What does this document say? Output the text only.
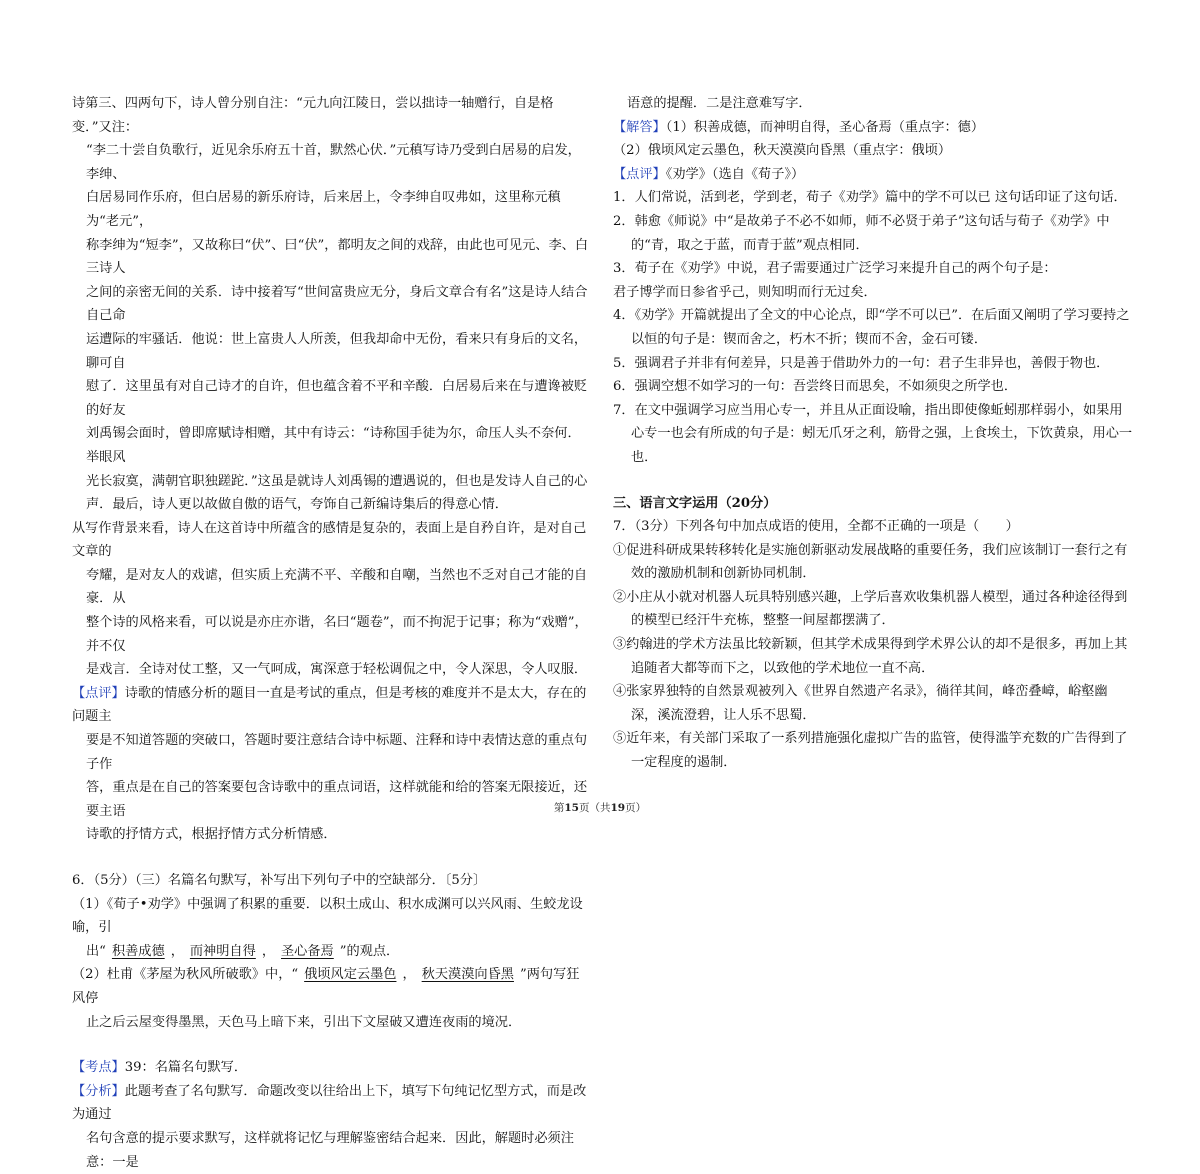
诗第三、四两句下，诗人曾分别自注：“元九向江陵日，尝以拙诗一轴赠行，自是格变．”又注：

“李二十尝自负歌行，近见余乐府五十首，默然心伏．”元稹写诗乃受到白居易的启发，李绅、

白居易同作乐府，但白居易的新乐府诗，后来居上，令李绅自叹弗如，这里称元稹为“老元”，

称李绅为“短李”，又故称曰“伏”、曰“伏”，都明友之间的戏辞，由此也可见元、李、白三诗人

之间的亲密无间的关系．诗中接着写“世间富贵应无分，身后文章合有名”这是诗人结合自己命

运遭际的牢骚话．他说：世上富贵人人所羡，但我却命中无份，看来只有身后的文名，聊可自

慰了．这里虽有对自己诗才的自许，但也蕴含着不平和辛酸．白居易后来在与遭谗被贬的好友

刘禹锡会面时，曾即席赋诗相赠，其中有诗云：“诗称国手徒为尔，命压人头不奈何．举眼风

光长寂寞，满朝官职独蹉跎．”这虽是就诗人刘禹锡的遭遇说的，但也是发诗人自己的心

声．最后，诗人更以故做自傲的语气，夸饰自己新编诗集后的得意心情．

从写作背景来看，诗人在这首诗中所蕴含的感情是复杂的，表面上是自矜自许，是对自己文章的

夸耀，是对友人的戏谑，但实质上充满不平、辛酸和自嘲，当然也不乏对自己才能的自豪．从

整个诗的风格来看，可以说是亦庄亦谐，名曰“题卷”，而不拘泥于记事；称为“戏赠”，并不仅

是戏言．全诗对仗工整，又一气呵成，寓深意于轻松调侃之中，令人深思，令人叹服．

【点评】诗歌的情感分析的题目一直是考试的重点，但是考核的难度并不是太大，存在的问题主

要是不知道答题的突破口，答题时要注意结合诗中标题、注释和诗中表情达意的重点句子作

答，重点是在自己的答案要包含诗歌中的重点词语，这样就能和给的答案无限接近，还要主语

诗歌的抒情方式，根据抒情方式分析情感．

6．（5分）（三）名篇名句默写，补写出下列句子中的空缺部分．〔5分〕

（1）《荀子•劝学》中强调了积累的重要．以积土成山、积水成渊可以兴风雨、生蛟龙设喻，引

出“ 积善成德 ， 而神明自得 ， 圣心备焉 ”的观点．

（2）杜甫《茅屋为秋风所破歌》中，“ 俄顷风定云墨色 ， 秋天漠漠向昏黑 ”两句写狂风停

止之后云屋变得墨黑，天色马上暗下来，引出下文屋破又遭连夜雨的境况．

【考点】39：名篇名句默写．

【分析】此题考查了名句默写．命题改变以往给出上下，填写下句纯记忆型方式，而是改为通过

名句含意的提示要求默写，这样就将记忆与理解鉴密结合起来．因此，解题时必须注意：一是

语意的提醒．二是注意难写字．

【解答】（1）积善成德，而神明自得，圣心备焉（重点字：德）

（2）俄顷风定云墨色，秋天漠漠向昏黑（重点字：俄顷）

【点评】《劝学》（选自《荀子》）

1．人们常说，活到老，学到老，荀子《劝学》篇中的学不可以已 这句话印证了这句话．
2．韩愈《师说》中“是故弟子不必不如师，师不必贤于弟子”这句话与荀子《劝学》中的“青，取之于蓝，而青于蓝”观点相同．
3．荀子在《劝学》中说，君子需要通过广泛学习来提升自己的两个句子是：
君子博学而日参省乎己，则知明而行无过矣．
4．《劝学》开篇就提出了全文的中心论点，即“学不可以已”．在后面又阐明了学习要持之以恒的句子是：锲而舍之，朽木不折；锲而不舍，金石可镂．
5．强调君子并非有何差异，只是善于借助外力的一句：君子生非异也，善假于物也．
6．强调空想不如学习的一句：吾尝终日而思矣，不如须臾之所学也．
7．在文中强调学习应当用心专一，并且从正面设喻，指出即使像蚯蚓那样弱小，如果用心专一也会有所成的句子是：蚓无爪牙之利，筋骨之强，上食埃土，下饮黄泉，用心一也．

三、语言文字运用（20分）

7．（3分）下列各句中加点成语的使用，全都不正确的一项是（　　）

①促进科研成果转移转化是实施创新驱动发展战略的重要任务，我们应该制订一套行之有效的激励机制和创新协同机制．
②小庄从小就对机器人玩具特别感兴趣，上学后喜欢收集机器人模型，通过各种途径得到的模型已经汗牛充栋，整整一间屋都摆满了．
③约翰进的学术方法虽比较新颖，但其学术成果得到学术界公认的却不是很多，再加上其追随者大都等而下之，以致他的学术地位一直不高．
④张家界独特的自然景观被列入《世界自然遗产名录》，徜徉其间，峰峦叠嶂，峪壑幽深，溪流澄碧，让人乐不思蜀．
⑤近年来，有关部门采取了一系列措施强化虚拟广告的监管，使得滥竽充数的广告得到了一定程度的遏制．
第15页（共19页）
